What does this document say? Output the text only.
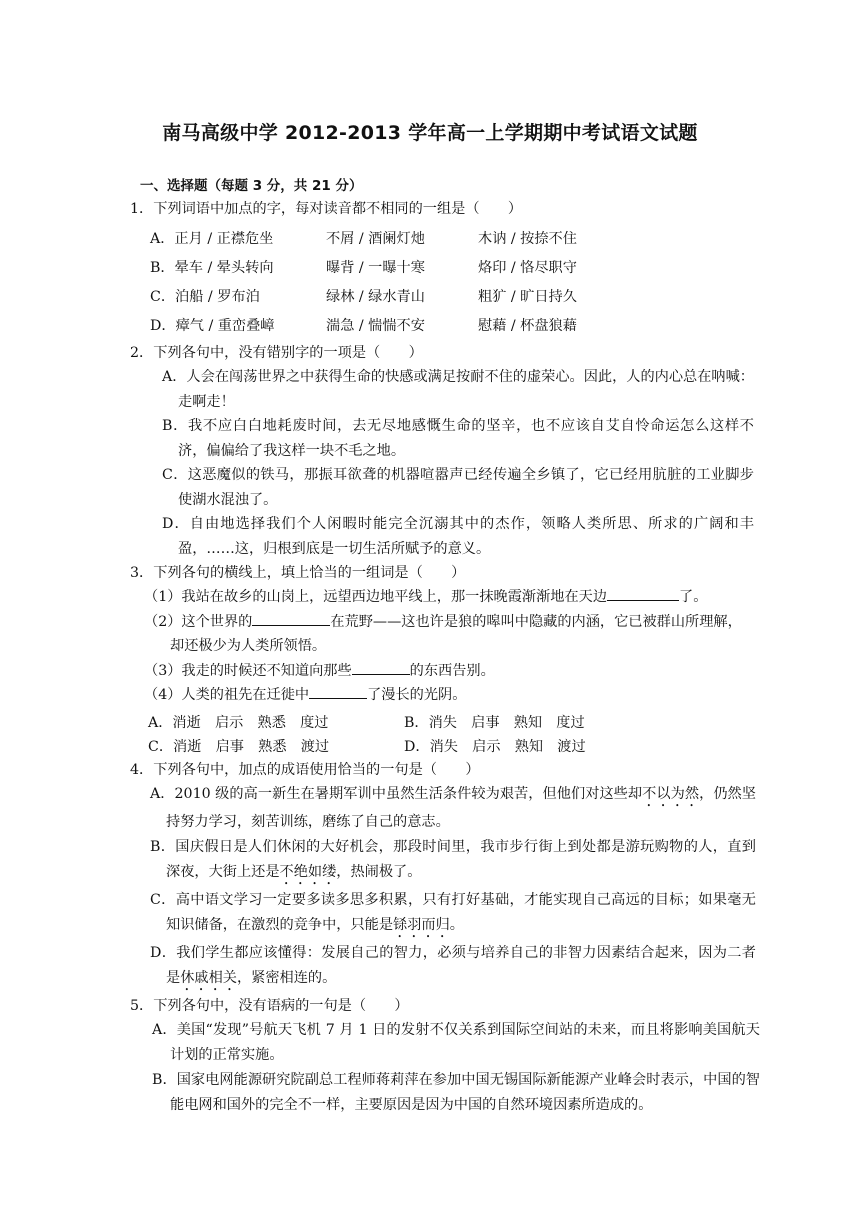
南马高级中学 2012-2013 学年高一上学期期中考试语文试题
一、选择题（每题 3 分，共 21 分）

1．下列词语中加点的字，每对读音都不相同的一组是（　　）

A．正月 / 正襟危坐	不屑 / 酒阑灯灺	木讷 / 按捺不住
B．晕车 / 晕头转向	曝背 / 一曝十寒	烙印 / 恪尽职守
C．泊船 / 罗布泊	绿林 / 绿水青山	粗犷 / 旷日持久
D．瘴气 / 重峦叠嶂	湍急 / 惴惴不安	慰藉 / 杯盘狼藉

2．下列各句中，没有错别字的一项是（　　）

A．人会在闯荡世界之中获得生命的快感或满足按耐不住的虚荣心。因此，人的内心总在呐喊：走啊走！

B．我不应白白地耗废时间，去无尽地感慨生命的坚辛，也不应该自艾自怜命运怎么这样不济，偏偏给了我这样一块不毛之地。

C．这恶魔似的铁马，那振耳欲聋的机器喧嚣声已经传遍全乡镇了，它已经用肮脏的工业脚步使湖水混浊了。

D．自由地选择我们个人闲暇时能完全沉溺其中的杰作，领略人类所思、所求的广阔和丰盈，……这，归根到底是一切生活所赋予的意义。

3．下列各句的横线上，填上恰当的一组词是（　　）

（1）我站在故乡的山岗上，远望西边地平线上，那一抹晚霞渐渐地在天边	了。

（2）这个世界的	在荒野——这也许是狼的嗥叫中隐藏的内涵，它已被群山所理解，却还极少为人类所领悟。

（3）我走的时候还不知道向那些	的东西告别。

（4）人类的祖先在迁徙中	了漫长的光阴。

A．消逝　启示　熟悉　度过	B．消失　启事　熟知　度过
C．消逝　启事　熟悉　渡过	D．消失　启示　熟知　渡过

4．下列各句中，加点的成语使用恰当的一句是（　　）

A．2010 级的高一新生在暑期军训中虽然生活条件较为艰苦，但他们对这些却不以为然，仍然坚持努力学习，刻苦训练，磨练了自己的意志。

B．国庆假日是人们休闲的大好机会，那段时间里，我市步行街上到处都是游玩购物的人，直到深夜，大街上还是不绝如缕，热闹极了。

C．高中语文学习一定要多读多思多积累，只有打好基础，才能实现自己高远的目标；如果毫无知识储备，在激烈的竞争中，只能是铩羽而归。

D．我们学生都应该懂得：发展自己的智力，必须与培养自己的非智力因素结合起来，因为二者是休戚相关，紧密相连的。

5．下列各句中，没有语病的一句是（　　）

A．美国“发现”号航天飞机 7 月 1 日的发射不仅关系到国际空间站的未来，而且将影响美国航天计划的正常实施。

B．国家电网能源研究院副总工程师蒋莉萍在参加中国无锡国际新能源产业峰会时表示，中国的智能电网和国外的完全不一样，主要原因是因为中国的自然环境因素所造成的。
